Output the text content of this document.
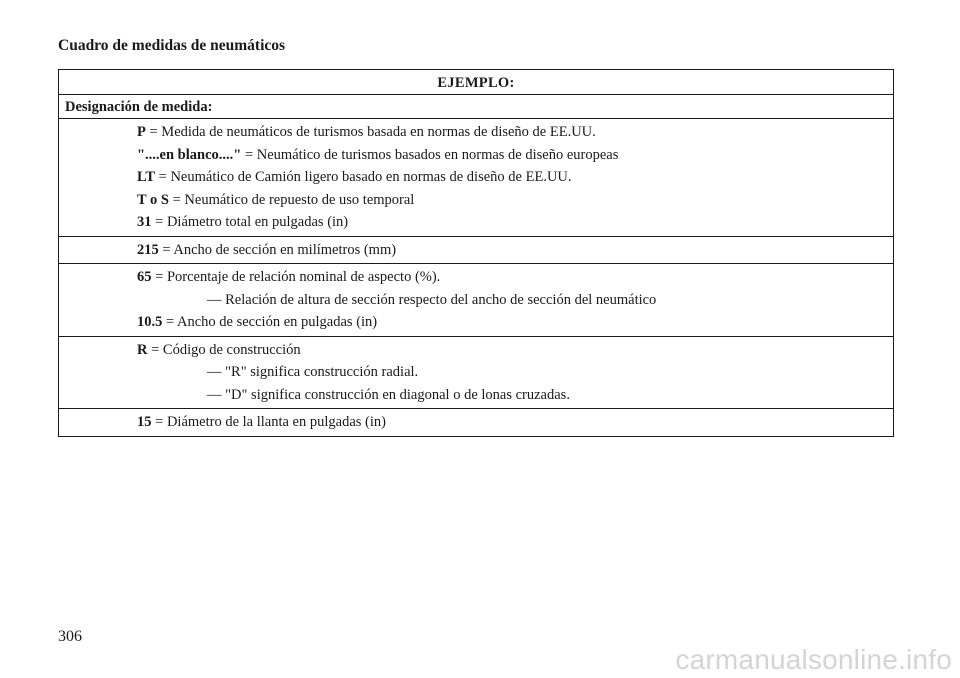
Cuadro de medidas de neumáticos
EJEMPLO:
Designación de medida:
P = Medida de neumáticos de turismos basada en normas de diseño de EE.UU.
"....en blanco...." = Neumático de turismos basados en normas de diseño europeas
LT = Neumático de Camión ligero basado en normas de diseño de EE.UU.
T o S = Neumático de repuesto de uso temporal
31 = Diámetro total en pulgadas (in)
215 = Ancho de sección en milímetros (mm)
65 = Porcentaje de relación nominal de aspecto (%).
— Relación de altura de sección respecto del ancho de sección del neumático
10.5 = Ancho de sección en pulgadas (in)
R = Código de construcción
— "R" significa construcción radial.
— "D" significa construcción en diagonal o de lonas cruzadas.
15 = Diámetro de la llanta en pulgadas (in)
306
carmanualsonline.info
